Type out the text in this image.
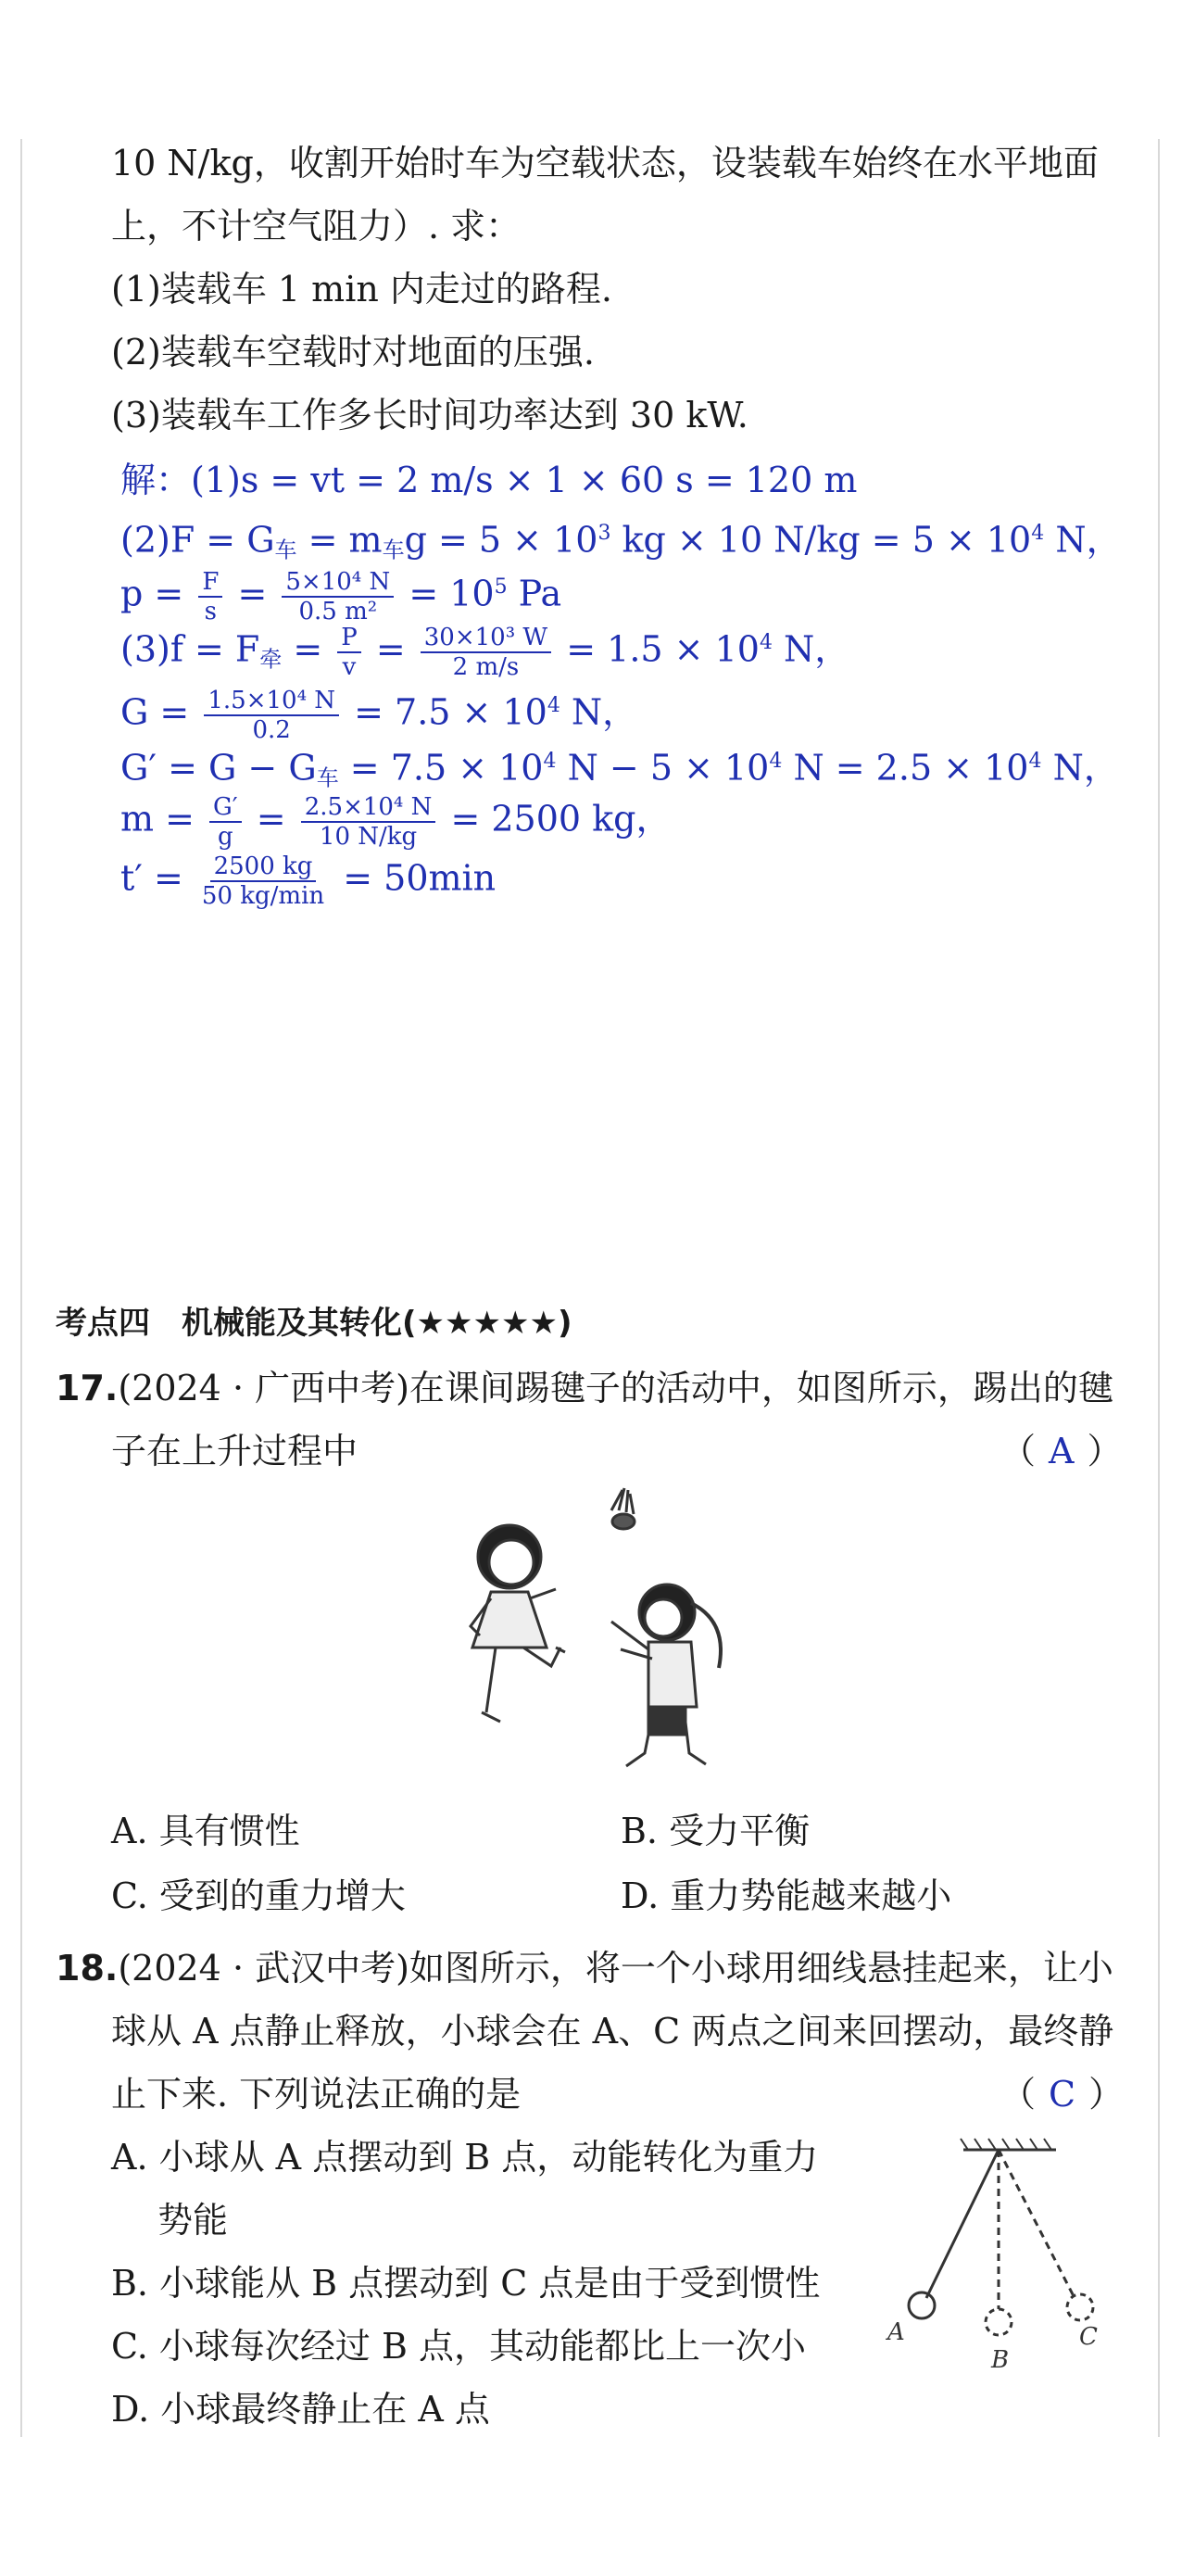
10 N/kg，收割开始时车为空载状态，设装载车始终在水平地面
上，不计空气阻力）. 求：
(1)装载车 1 min 内走过的路程.
(2)装载车空载时对地面的压强.
(3)装载车工作多长时间功率达到 30 kW.
解：(1)s = vt = 2 m/s × 1 × 60 s = 120 m
$(2)F = G_车 = m_车g = 5 \times 10^3$ kg × 10 $N/kg = 5 \times 10^4$ N，
$p = \frac{F}{s} = \frac{\text{5×10⁴ N}}{\text{0.5 m²}} = 10^5$ Pa
$(3)f = F_牵 = \frac{P}{v} = \frac{\text{30×10³ W}}{2 m/s} = 1.5 \times 10^4$ N，
$G = \frac{\text{1.5×10⁴ N}}{0.2} = 7.5 \times 10^4$ N，
$G' = G - G_车 = 7.5 \times 10^4$ $N - 5 \times 10^4$ $N = 2.5 \times 10^4$ N，
$m = \frac{G'}{g} = \frac{\text{2.5×10⁴ N}}{10 N/kg} = 2500$ kg，
$t' = \frac{2500 kg}{50 kg/\min} = 50\min$
考点四　机械能及其转化(★★★★★)
17.(2024 · 广西中考)在课间踢毽子的活动中，如图所示，踢出的毽
子在上升过程中	（ A ）
A. 具有惯性	B. 受力平衡
C. 受到的重力增大	D. 重力势能越来越小
18.(2024 · 武汉中考)如图所示，将一个小球用细线悬挂起来，让小
球从 A 点静止释放，小球会在 A、C 两点之间来回摆动，最终静
止下来. 下列说法正确的是	（ C ）
A. 小球从 A 点摆动到 B 点，动能转化为重力
势能
B. 小球能从 B 点摆动到 C 点是由于受到惯性
C. 小球每次经过 B 点，其动能都比上一次小
D. 小球最终静止在 A 点
A
B
C
